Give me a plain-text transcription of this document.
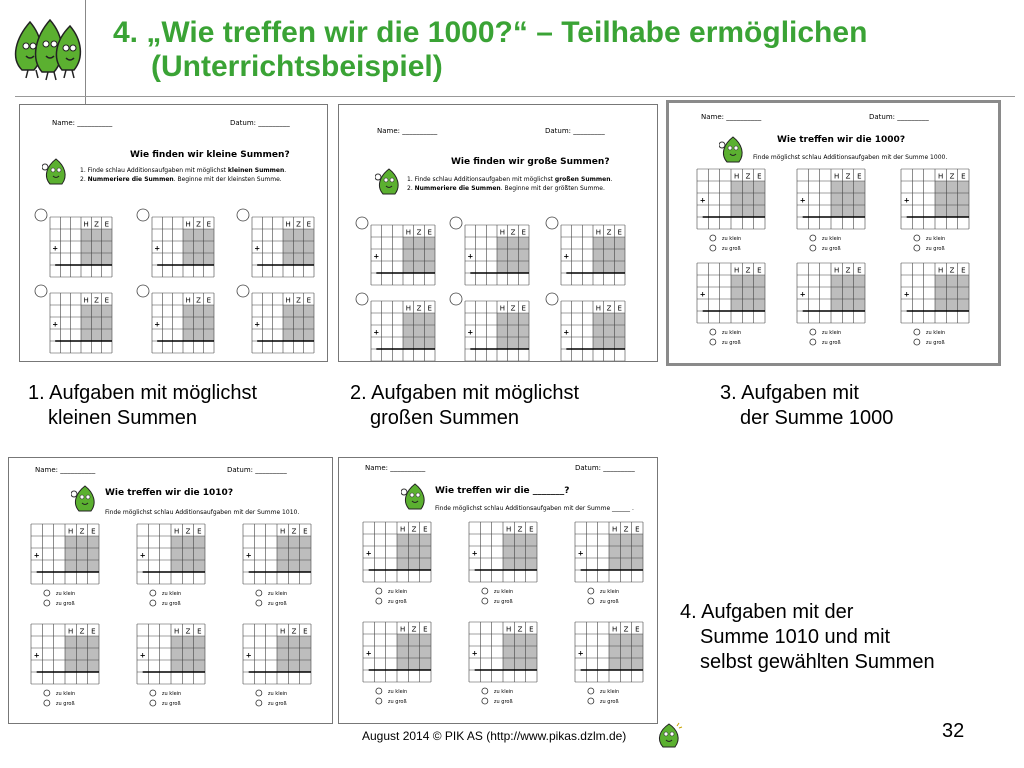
4. „Wie treffen wir die 1000?“ – Teilhabe ermöglichen
(Unterrichtsbeispiel)
Name: __________	Datum: _________
Wie finden wir kleine Summen?
1. Finde schlau Additionsaufgaben mit möglichst kleinen Summen.
2. Nummeriere die Summen. Beginne mit der kleinsten Summe.
H Z E
+
H Z E
+
H Z E
+
H Z E
+
H Z E
+
H Z E
+
Name: __________	Datum: _________
Wie finden wir große Summen?
1. Finde schlau Additionsaufgaben mit möglichst großen Summen.
2. Nummeriere die Summen. Beginne mit der größten Summe.
H Z E
+
H Z E
+
H Z E
+
H Z E
+
H Z E
+
H Z E
+
Name: __________	Datum: _________
Wie treffen wir die 1000?
Finde möglichst schlau Additionsaufgaben mit der Summe 1000.
H Z E
+
zu klein
zu groß
H Z E
+
zu klein
zu groß
H Z E
+
zu klein
zu groß
H Z E
+
zu klein
zu groß
H Z E
+
zu klein
zu groß
H Z E
+
zu klein
zu groß
Name: __________	Datum: _________
Wie treffen wir die 1010?
Finde möglichst schlau Additionsaufgaben mit der Summe 1010.
H Z E
+
zu klein
zu groß
H Z E
+
zu klein
zu groß
H Z E
+
zu klein
zu groß
H Z E
+
zu klein
zu groß
H Z E
+
zu klein
zu groß
H Z E
+
zu klein
zu groß
Name: __________	Datum: _________
Wie treffen wir die _______?
Finde möglichst schlau Additionsaufgaben mit der Summe ______ .
H Z E
+
zu klein
zu groß
H Z E
+
zu klein
zu groß
H Z E
+
zu klein
zu groß
H Z E
+
zu klein
zu groß
H Z E
+
zu klein
zu groß
H Z E
+
zu klein
zu groß
1. Aufgaben mit möglichst
kleinen Summen
2. Aufgaben mit möglichst
großen Summen
3. Aufgaben mit
der Summe 1000
4. Aufgaben mit der
Summe 1010 und mit
selbst gewählten Summen
August 2014 © PIK AS (http://www.pikas.dzlm.de)	32
